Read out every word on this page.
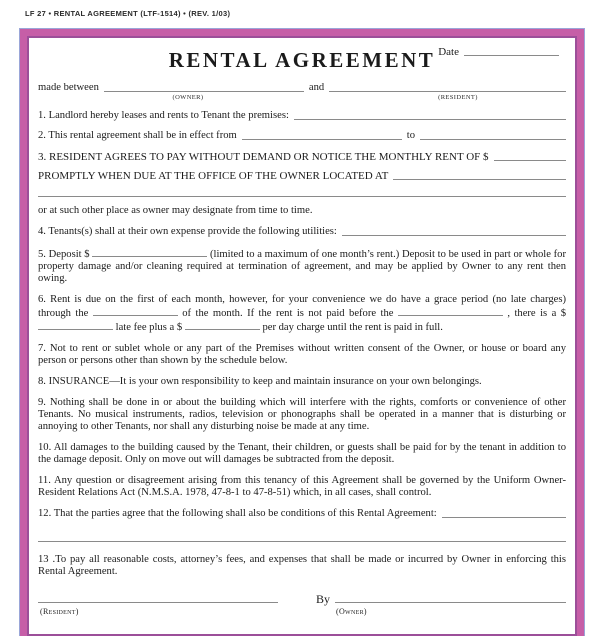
LF 27 • RENTAL AGREEMENT (LTF-1514) • (REV. 1/03)
RENTAL AGREEMENT Date
made between	and
(OWNER)	(RESIDENT)
1. Landlord hereby leases and rents to Tenant the premises:
2. This rental agreement shall be in effect from	to
3. RESIDENT AGREES TO PAY WITHOUT DEMAND OR NOTICE THE MONTHLY RENT OF $
PROMPTLY WHEN DUE AT THE OFFICE OF THE OWNER LOCATED AT
or at such other place as owner may designate from time to time.
4. Tenants(s) shall at their own expense provide the following utilities:
5. Deposit $	(limited to a maximum of one month’s rent.) Deposit to be used in part or whole for property damage and/or cleaning required at termination of agreement, and may be applied by Owner to any rent then owing.
6. Rent is due on the first of each month, however, for your convenience we do have a grace period (no late charges) through the	of the month. If the rent is not paid before the	, there is a $  late fee plus a $	per day charge until the rent is paid in full.
7. Not to rent or sublet whole or any part of the Premises without written consent of the Owner, or house or board any person or persons other than shown by the schedule below.
8. INSURANCE—It is your own responsibility to keep and maintain insurance on your own belongings.
9. Nothing shall be done in or about the building which will interfere with the rights, comforts or convenience of other Tenants. No musical instruments, radios, television or phonographs shall be operated in a manner that is disturbing or annoying to other Tenants, nor shall any disturbing noise be made at any time.
10. All damages to the building caused by the Tenant, their children, or guests shall be paid for by the tenant in addition to the damage deposit. Only on move out will damages be subtracted from the deposit.
11. Any question or disagreement arising from this tenancy of this Agreement shall be governed by the Uniform Owner-Resident Relations Act (N.M.S.A. 1978, 47-8-1 to 47-8-51) which, in all cases, shall control.
12. That the parties agree that the following shall also be conditions of this Rental Agreement:
13 .To pay all reasonable costs, attorney’s fees, and expenses that shall be made or incurred by Owner in enforcing this Rental Agreement.
By
(Resident)	(Owner)
